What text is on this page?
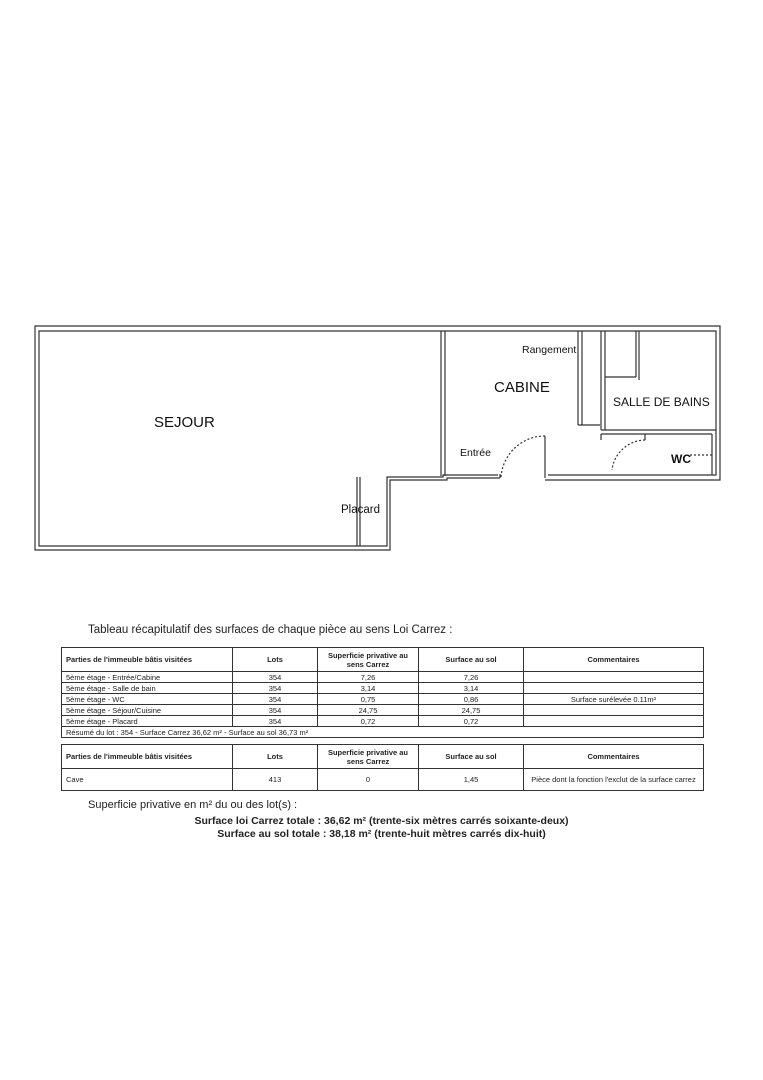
SEJOUR
CABINE
Rangement
SALLE DE BAINS
Entrée	WC
Placard
Tableau récapitulatif des surfaces de chaque pièce au sens Loi Carrez :
Parties de l'immeuble bâtis visitées	Lots	Superficie privative au sens Carrez	Surface au sol	Commentaires
5ème étage - Entrée/Cabine	354	7,26	7,26	
5ème étage - Salle de bain	354	3,14	3,14	
5ème étage - WC	354	0,75	0,86	Surface surélevée 0.11m²
5ème étage - Séjour/Cuisine	354	24,75	24,75	
5ème étage - Placard	354	0,72	0,72	
Résumé du lot : 354 - Surface Carrez 36,62 m² - Surface au sol 36,73 m²				
Parties de l'immeuble bâtis visitées	Lots	Superficie privative au sens Carrez	Surface au sol	Commentaires
Cave	413	0	1,45	Pièce dont la fonction l'exclut de la surface carrez
Superficie privative en m² du ou des lot(s) :
Surface loi Carrez totale : 36,62 m² (trente-six mètres carrés soixante-deux)
Surface au sol totale : 38,18 m² (trente-huit mètres carrés dix-huit)
